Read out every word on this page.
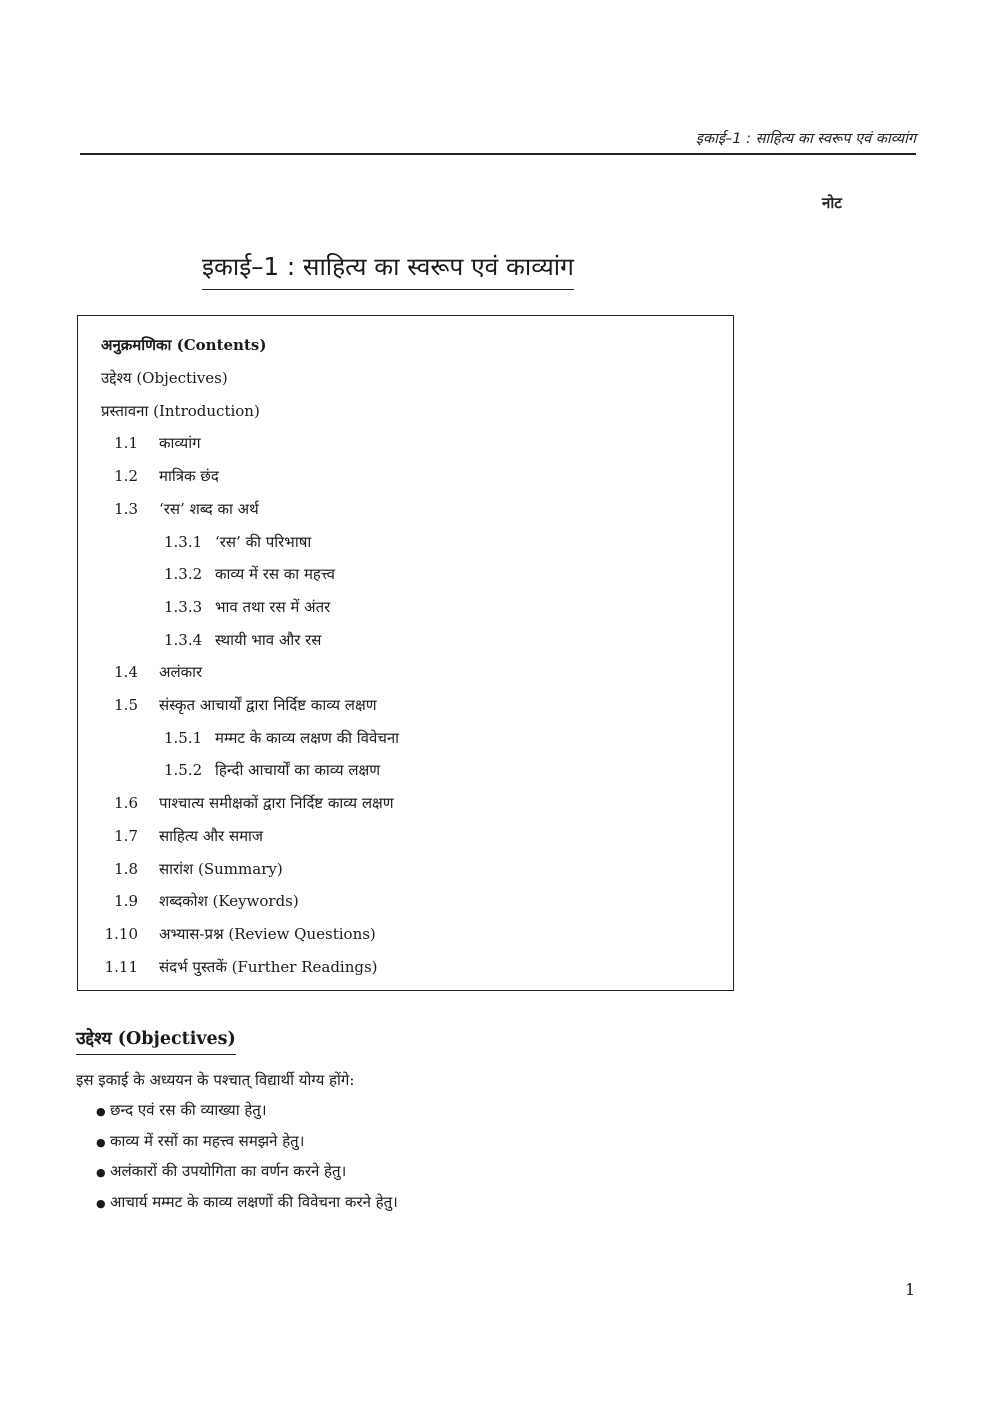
इकाई–1 : साहित्य का स्वरूप एवं काव्यांग
नोट
इकाई–1 : साहित्य का स्वरूप एवं काव्यांग
अनुक्रमणिका (Contents)
उद्देश्य (Objectives)
प्रस्तावना (Introduction)
1.1 काव्यांग
1.2 मात्रिक छंद
1.3 ‘रस’ शब्द का अर्थ
1.3.1 ‘रस’ की परिभाषा
1.3.2 काव्य में रस का महत्त्व
1.3.3 भाव तथा रस में अंतर
1.3.4 स्थायी भाव और रस
1.4 अलंकार
1.5 संस्कृत आचार्यों द्वारा निर्दिष्ट काव्य लक्षण
1.5.1 मम्मट के काव्य लक्षण की विवेचना
1.5.2 हिन्दी आचार्यों का काव्य लक्षण
1.6 पाश्चात्य समीक्षकों द्वारा निर्दिष्ट काव्य लक्षण
1.7 साहित्य और समाज
1.8 सारांश (Summary)
1.9 शब्दकोश (Keywords)
1.10 अभ्यास-प्रश्न (Review Questions)
1.11 संदर्भ पुस्तकें (Further Readings)
उद्देश्य (Objectives)
इस इकाई के अध्ययन के पश्चात् विद्यार्थी योग्य होंगे:
● छन्द एवं रस की व्याख्या हेतु।
● काव्य में रसों का महत्त्व समझने हेतु।
● अलंकारों की उपयोगिता का वर्णन करने हेतु।
● आचार्य मम्मट के काव्य लक्षणों की विवेचना करने हेतु।
1
